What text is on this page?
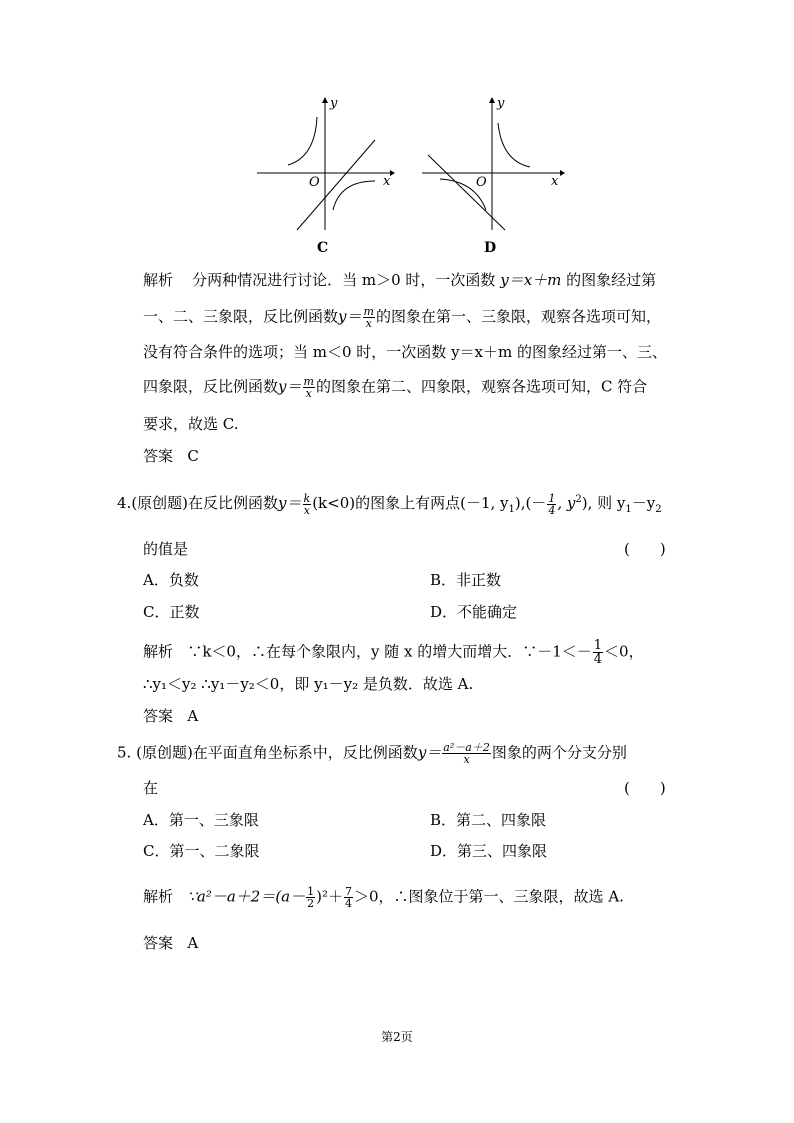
y
x
O
C
y
x
O
D
解析 分两种情况进行讨论．当 m＞0 时，一次函数 y＝x＋m 的图象经过第
一、二、三象限，反比例函数$y= \frac{m}{x}$ 的图象在第一、三象限，观察各选项可知，
没有符合条件的选项；当 m＜0 时，一次函数 y＝x＋m 的图象经过第一、三、
四象限，反比例函数$y= \frac{m}{x}$ 的图象在第二、四象限，观察各选项可知，C 符合
要求，故选 C.
答案 C
4.(原创题)在反比例函数$y= \frac{k}{x} (k<0)$的图象上有两点(－1, $y_1),(- \frac{1}{4}$ , $y^2$), 则 $y_1-y_2$
的值是	(　　)
A．负数	B．非正数
C．正数	D．不能确定
解析 ∵k＜0，∴在每个象限内，y 随 x 的增大而增大．∵－1＜－ $\frac{1}{4} <0$，
∴y₁＜y₂ ∴y₁－y₂＜0，即 y₁－y₂ 是负数．故选 A.
答案 A
5. (原创题)在平面直角坐标系中，反比例函数$y= \frac{\text{a²－a＋2}}{x}$ 图象的两个分支分别
在	(　　)
A．第一、三象限	B．第二、四象限
C．第一、二象限	D．第三、四象限
解析 ∵a²－a＋2＝(a－ $\frac{1}{2} )^2+ \frac{7}{4} >0$，∴图象位于第一、三象限，故选 A.
答案 A
第2页
